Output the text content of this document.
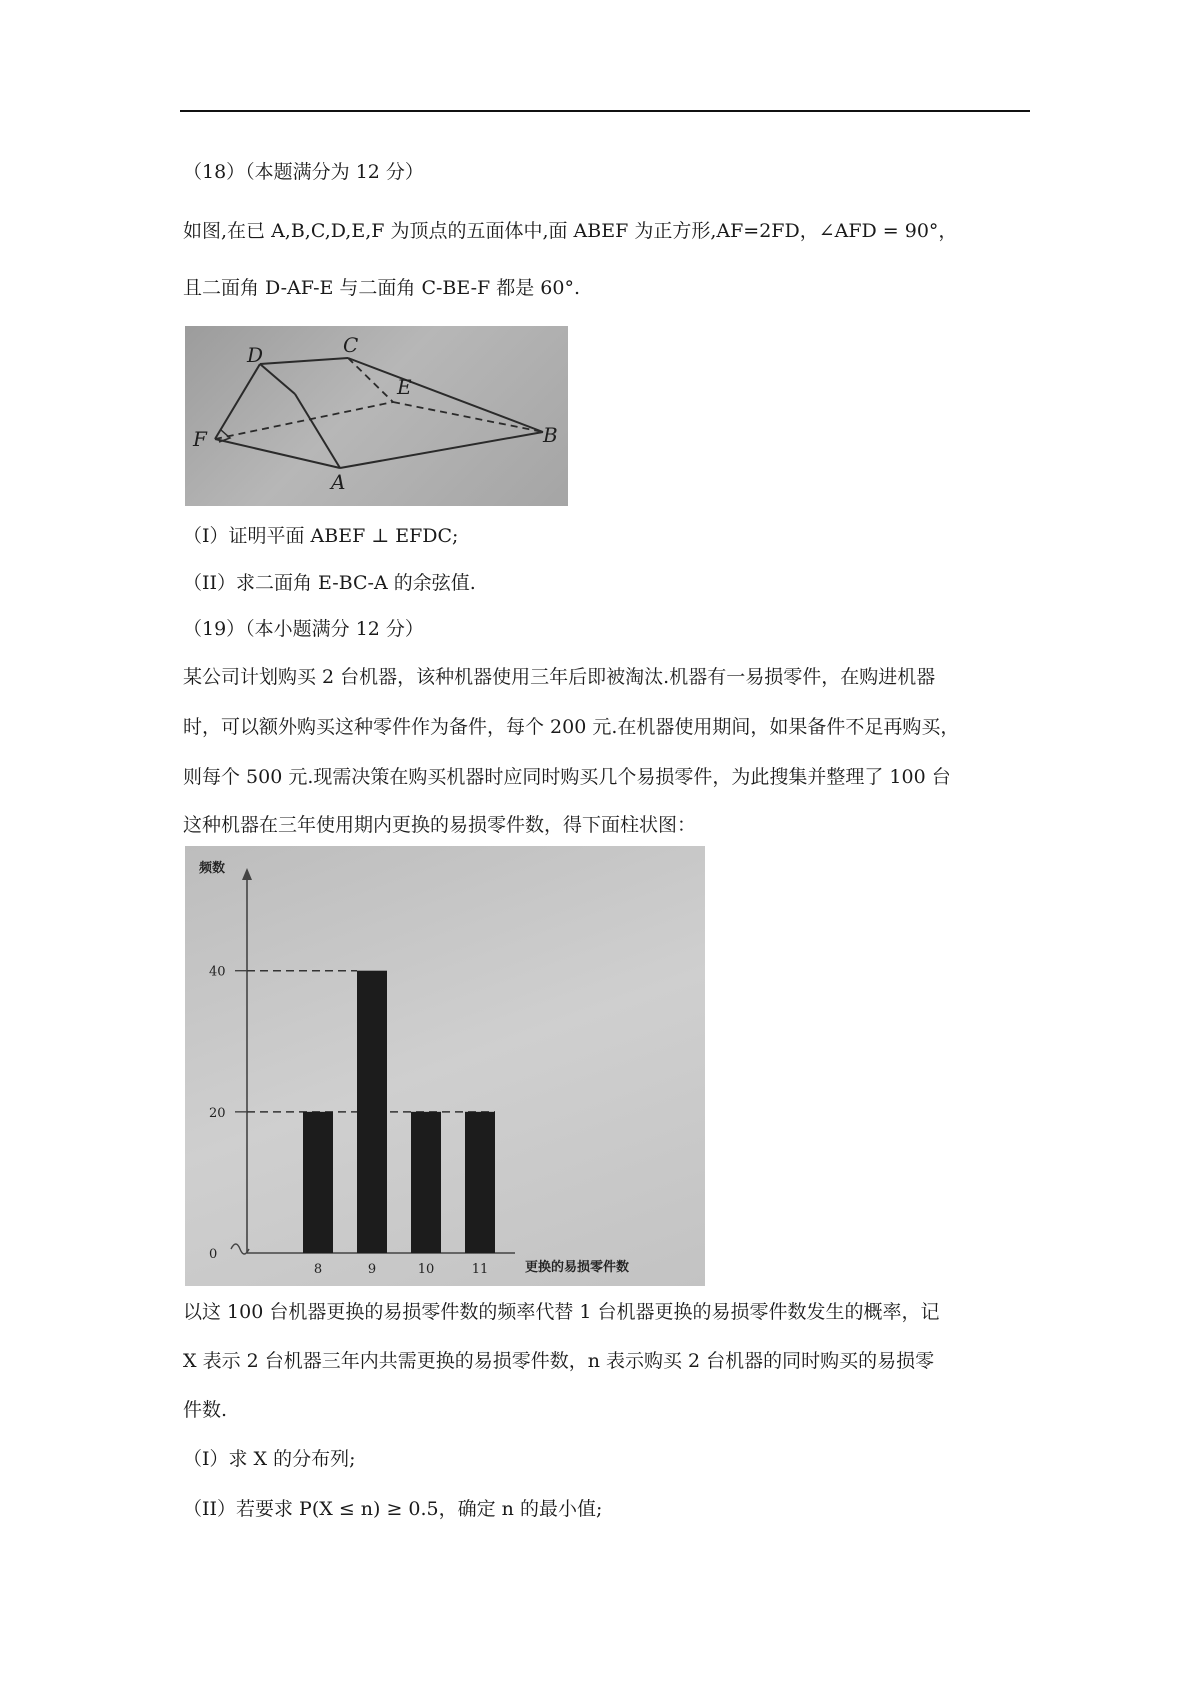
（18）（本题满分为 12 分）
如图,在已 A,B,C,D,E,F 为顶点的五面体中,面 ABEF 为正方形,AF=2FD，∠AFD = 90°，
且二面角 D-AF-E 与二面角 C-BE-F 都是 60°.
D	C
E
F
A
B
（I）证明平面 ABEF ⊥ EFDC;
（II）求二面角 E-BC-A 的余弦值.
（19）（本小题满分 12 分）
某公司计划购买 2 台机器，该种机器使用三年后即被淘汰.机器有一易损零件，在购进机器
时，可以额外购买这种零件作为备件，每个 200 元.在机器使用期间，如果备件不足再购买，
则每个 500 元.现需决策在购买机器时应同时购买几个易损零件，为此搜集并整理了 100 台
这种机器在三年使用期内更换的易损零件数，得下面柱状图：
频数
更换的易损零件数
0
20
40
8	9	10	11
以这 100 台机器更换的易损零件数的频率代替 1 台机器更换的易损零件数发生的概率，记
X 表示 2 台机器三年内共需更换的易损零件数，n 表示购买 2 台机器的同时购买的易损零
件数.
（I）求 X 的分布列;
（II）若要求 P(X ≤ n) ≥ 0.5，确定 n 的最小值;
